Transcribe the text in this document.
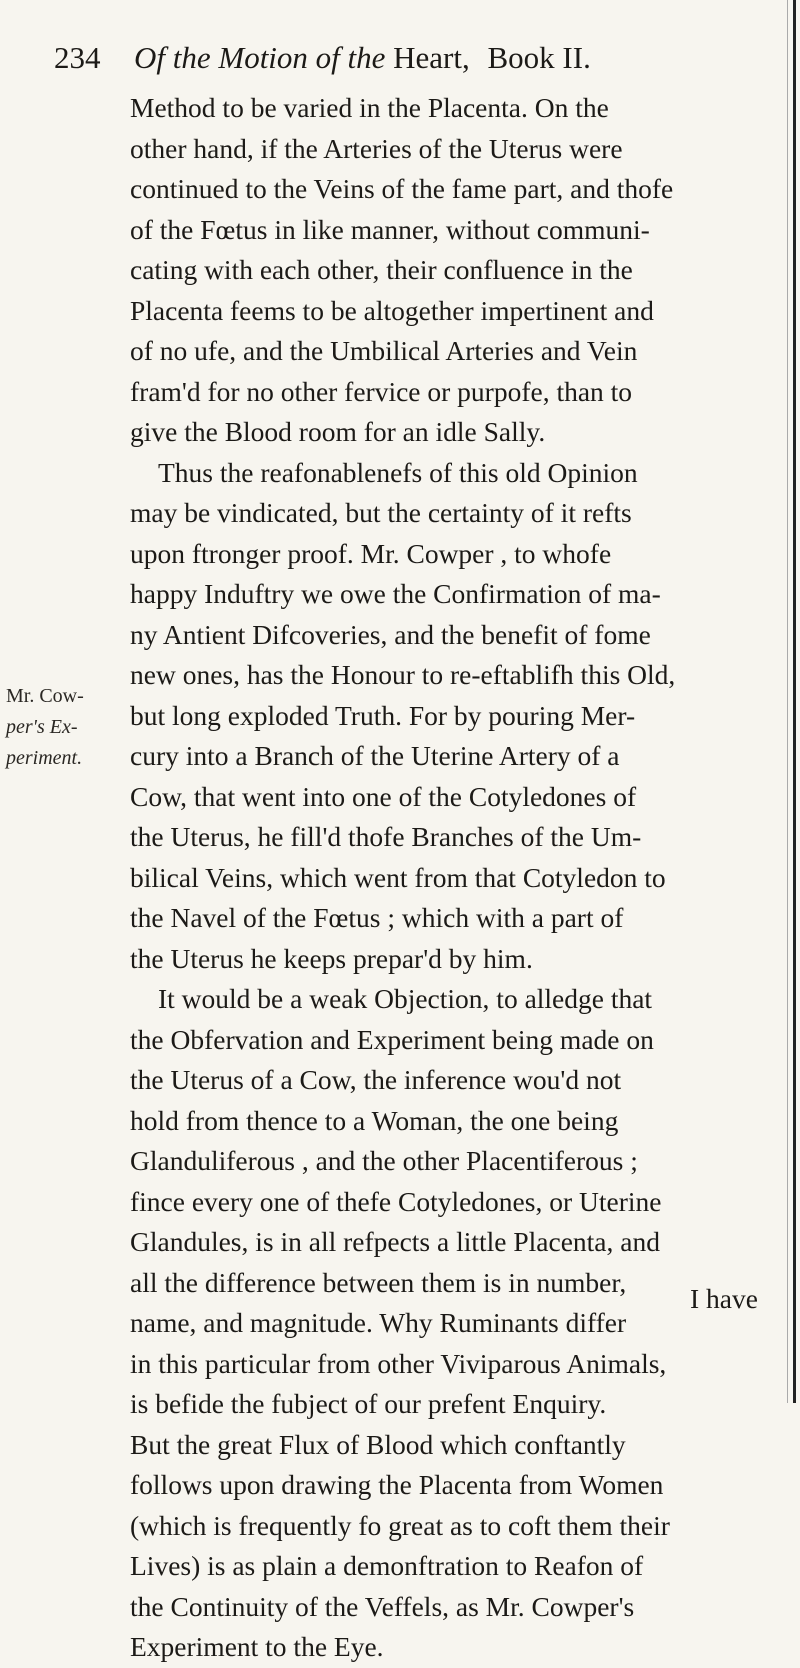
234	Of the Motion of the Heart, Book II.
Mr. Cow-
per's Ex-
periment.
Method to be varied in the Placenta. On the
other hand, if the Arteries of the Uterus were
continued to the Veins of the fame part, and thofe
of the Fœtus in like manner, without communi-
cating with each other, their confluence in the
Placenta feems to be altogether impertinent and
of no ufe, and the Umbilical Arteries and Vein
fram'd for no other fervice or purpofe, than to
give the Blood room for an idle Sally.
Thus the reafonablenefs of this old Opinion
may be vindicated, but the certainty of it refts
upon ftronger proof. Mr. Cowper , to whofe
happy Induftry we owe the Confirmation of ma-
ny Antient Difcoveries, and the benefit of fome
new ones, has the Honour to re-eftablifh this Old,
but long exploded Truth. For by pouring Mer-
cury into a Branch of the Uterine Artery of a
Cow, that went into one of the Cotyledones of
the Uterus, he fill'd thofe Branches of the Um-
bilical Veins, which went from that Cotyledon to
the Navel of the Fœtus ; which with a part of
the Uterus he keeps prepar'd by him.
It would be a weak Objection, to alledge that
the Obfervation and Experiment being made on
the Uterus of a Cow, the inference wou'd not
hold from thence to a Woman, the one being
Glanduliferous , and the other Placentiferous ;
fince every one of thefe Cotyledones, or Uterine
Glandules, is in all refpects a little Placenta, and
all the difference between them is in number,
name, and magnitude. Why Ruminants differ
in this particular from other Viviparous Animals,
is befide the fubject of our prefent Enquiry.
But the great Flux of Blood which conftantly
follows upon drawing the Placenta from Women
(which is frequently fo great as to coft them their
Lives) is as plain a demonftration to Reafon of
the Continuity of the Veffels, as Mr. Cowper's
Experiment to the Eye.
I have
